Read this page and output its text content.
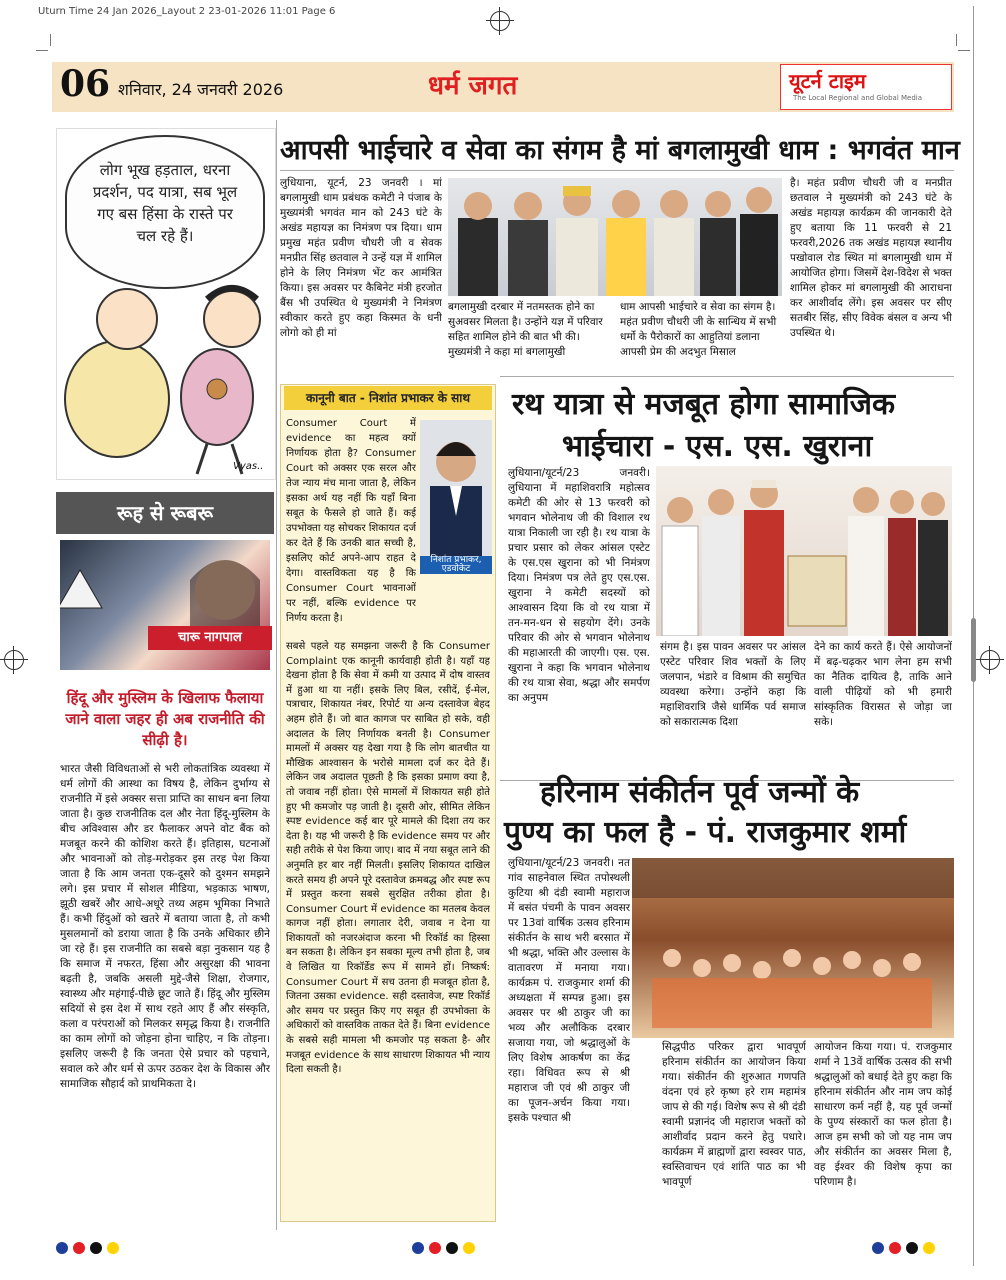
Uturn Time 24 Jan 2026_Layout 2 23-01-2026 11:01 Page 6
06 शनिवार, 24 जनवरी 2026	धर्म जगत	यूटर्न टाइम
The Local Regional and Global Media
लोग भूख हड़ताल, धरना प्रदर्शन, पद यात्रा, सब भूल गए बस हिंसा के रास्ते पर चल रहे हैं।
Vyas..
रूह से रूबरू
चारू नागपाल
हिंदू और मुस्लिम के खिलाफ फैलाया जाने वाला जहर ही अब राजनीति की सीढ़ी है।
भारत जैसी विविधताओं से भरी लोकतांत्रिक व्यवस्था में धर्म लोगों की आस्था का विषय है, लेकिन दुर्भाग्य से राजनीति में इसे अक्सर सत्ता प्राप्ति का साधन बना लिया जाता है। कुछ राजनीतिक दल और नेता हिंदू-मुस्लिम के बीच अविश्वास और डर फैलाकर अपने वोट बैंक को मजबूत करने की कोशिश करते हैं। इतिहास, घटनाओं और भावनाओं को तोड़-मरोड़कर इस तरह पेश किया जाता है कि आम जनता एक-दूसरे को दुश्मन समझने लगे। इस प्रचार में सोशल मीडिया, भड़काऊ भाषण, झूठी खबरें और आधे-अधूरे तथ्य अहम भूमिका निभाते हैं। कभी हिंदुओं को खतरे में बताया जाता है, तो कभी मुसलमानों को डराया जाता है कि उनके अधिकार छीने जा रहे हैं। इस राजनीति का सबसे बड़ा नुकसान यह है कि समाज में नफरत, हिंसा और असुरक्षा की भावना बढ़ती है, जबकि असली मुद्दे-जैसे शिक्षा, रोजगार, स्वास्थ्य और महंगाई-पीछे छूट जाते हैं। हिंदू और मुस्लिम सदियों से इस देश में साथ रहते आए हैं और संस्कृति, कला व परंपराओं को मिलकर समृद्ध किया है। राजनीति का काम लोगों को जोड़ना होना चाहिए, न कि तोड़ना। इसलिए जरूरी है कि जनता ऐसे प्रचार को पहचाने, सवाल करे और धर्म से ऊपर उठकर देश के विकास और सामाजिक सौहार्द को प्राथमिकता दे।
आपसी भाईचारे व सेवा का संगम है मां बगलामुखी धाम : भगवंत मान
लुधियाना, यूटर्न, 23 जनवरी । मां बगलामुखी धाम प्रबंधक कमेटी ने पंजाब के मुख्यमंत्री भगवंत मान को 243 घंटे के अखंड महायज्ञ का निमंत्रण पत्र दिया। धाम प्रमुख महंत प्रवीण चौधरी जी व सेवक मनप्रीत सिंह छतवाल ने उन्हें यज्ञ में शामिल होने के लिए निमंत्रण भेंट कर आमंत्रित किया। इस अवसर पर कैबिनेट मंत्री हरजोत बैंस भी उपस्थित थे मुख्यमंत्री ने निमंत्रण स्वीकार करते हुए कहा किस्मत के धनी लोगो को ही मां
बगलामुखी दरबार में नतमस्तक होने का सुअवसर मिलता है। उन्होंने यज्ञ में परिवार सहित शामिल होने की बात भी की। मुख्यमंत्री ने कहा मां बगलामुखी
धाम आपसी भाईचारे व सेवा का संगम है। महंत प्रवीण चौधरी जी के सान्धिय में सभी धर्मो के पैरोकारों का आहुतियां डलाना आपसी प्रेम की अदभुत मिसाल
है। महंत प्रवीण चौधरी जी व मनप्रीत छतवाल ने मुख्यमंत्री को 243 घंटे के अखंड महायज्ञ कार्यक्रम की जानकारी देते हुए बताया कि 11 फरवरी से 21 फरवरी,2026 तक अखंड महायज्ञ स्थानीय पखोवाल रोड स्थित मां बगलामुखी धाम में आयोजित होगा। जिसमें देश-विदेश से भक्त शामिल होकर मां बगलामुखी की आराधना कर आशीर्वाद लेंगे। इस अवसर पर सीए सतबीर सिंह, सीए विवेक बंसल व अन्य भी उपस्थित थे।
कानूनी बात - निशांत प्रभाकर के साथ
निशांत प्रभाकर, एडवोकेट
Consumer Court में evidence का महत्व क्यों निर्णायक होता है? Consumer Court को अक्सर एक सरल और तेज न्याय मंच माना जाता है, लेकिन इसका अर्थ यह नहीं कि यहाँ बिना सबूत के फैसले हो जाते हैं। कई उपभोक्ता यह सोचकर शिकायत दर्ज कर देते हैं कि उनकी बात सच्ची है, इसलिए कोर्ट अपने-आप राहत दे देगा। वास्तविकता यह है कि Consumer Court भावनाओं पर नहीं, बल्कि evidence पर निर्णय करता है।
सबसे पहले यह समझना जरूरी है कि Consumer Complaint एक कानूनी कार्यवाही होती है। यहाँ यह देखना होता है कि सेवा में कमी या उत्पाद में दोष वास्तव में हुआ था या नहीं। इसके लिए बिल, रसीदें, ई-मेल, पत्राचार, शिकायत नंबर, रिपोर्ट या अन्य दस्तावेज बेहद अहम होते हैं। जो बात कागज पर साबित हो सके, वही अदालत के लिए निर्णायक बनती है। Consumer मामलों में अक्सर यह देखा गया है कि लोग बातचीत या मौखिक आश्वासन के भरोसे मामला दर्ज कर देते हैं। लेकिन जब अदालत पूछती है कि इसका प्रमाण क्या है, तो जवाब नहीं होता। ऐसे मामलों में शिकायत सही होते हुए भी कमजोर पड़ जाती है। दूसरी ओर, सीमित लेकिन स्पष्ट evidence कई बार पूरे मामले की दिशा तय कर देता है। यह भी जरूरी है कि evidence समय पर और सही तरीके से पेश किया जाए। बाद में नया सबूत लाने की अनुमति हर बार नहीं मिलती। इसलिए शिकायत दाखिल करते समय ही अपने पूरे दस्तावेज क्रमबद्ध और स्पष्ट रूप में प्रस्तुत करना सबसे सुरक्षित तरीका होता है। Consumer Court में evidence का मतलब केवल कागज नहीं होता। लगातार देरी, जवाब न देना या शिकायतों को नजरअंदाज करना भी रिकॉर्ड का हिस्सा बन सकता है। लेकिन इन सबका मूल्य तभी होता है, जब वे लिखित या रिकॉर्डेड रूप में सामने हों। निष्कर्ष: Consumer Court में सच उतना ही मजबूत होता है, जितना उसका evidence. सही दस्तावेज, स्पष्ट रिकॉर्ड और समय पर प्रस्तुत किए गए सबूत ही उपभोक्ता के अधिकारों को वास्तविक ताकत देते हैं। बिना evidence के सबसे सही मामला भी कमजोर पड़ सकता है- और मजबूत evidence के साथ साधारण शिकायत भी न्याय दिला सकती है।
रथ यात्रा से मजबूत होगा सामाजिक
भाईचारा - एस. एस. खुराना
लुधियाना/यूटर्न/23 जनवरी। लुधियाना में महाशिवरात्रि महोत्सव कमेटी की ओर से 13 फरवरी को भगवान भोलेनाथ जी की विशाल रथ यात्रा निकाली जा रही है। रथ यात्रा के प्रचार प्रसार को लेकर आंसल एस्टेट के एस.एस खुराना को भी निमंत्रण दिया। निमंत्रण पत्र लेते हुए एस.एस. खुराना ने कमेटी सदस्यों को आश्वासन दिया कि वो रथ यात्रा में तन-मन-धन से सहयोग देंगे। उनके परिवार की ओर से भगवान भोलेनाथ की महाआरती की जाएगी। एस. एस. खुराना ने कहा कि भगवान भोलेनाथ की रथ यात्रा सेवा, श्रद्धा और समर्पण का अनुपम
संगम है। इस पावन अवसर पर आंसल एस्टेट परिवार शिव भक्तों के लिए जलपान, भंडारे व विश्राम की समुचित व्यवस्था करेगा। उन्होंने कहा कि महाशिवरात्रि जैसे धार्मिक पर्व समाज को सकारात्मक दिशा
देने का कार्य करते हैं। ऐसे आयोजनों में बढ़-चढ़कर भाग लेना हम सभी का नैतिक दायित्व है, ताकि आने वाली पीढ़ियों को भी हमारी सांस्कृतिक विरासत से जोड़ा जा सके।
हरिनाम संकीर्तन पूर्व जन्मों के
पुण्य का फल है - पं. राजकुमार शर्मा
लुधियाना/यूटर्न/23 जनवरी। नत गांव साहनेवाल स्थित तपोस्थली कुटिया श्री दंडी स्वामी महाराज में बसंत पंचमी के पावन अवसर पर 13वां वार्षिक उत्सव हरिनाम संकीर्तन के साथ भरी बरसात में भी श्रद्धा, भक्ति और उल्लास के वातावरण में मनाया गया। कार्यक्रम पं. राजकुमार शर्मा की अध्यक्षता में सम्पन्न हुआ। इस अवसर पर श्री ठाकुर जी का भव्य और अलौकिक दरबार सजाया गया, जो श्रद्धालुओं के लिए विशेष आकर्षण का केंद्र रहा। विधिवत रूप से श्री महाराज जी एवं श्री ठाकुर जी का पूजन-अर्चन किया गया। इसके पश्चात श्री
सिद्धपीठ परिकर द्वारा भावपूर्ण हरिनाम संकीर्तन का आयोजन किया गया। संकीर्तन की शुरुआत गणपति वंदना एवं हरे कृष्ण हरे राम महामंत्र जाप से की गई। विशेष रूप से श्री दंडी स्वामी प्रज्ञानंद जी महाराज भक्तों को आशीर्वाद प्रदान करने हेतु पधारे। कार्यक्रम में ब्राह्मणों द्वारा स्वस्वर पाठ, स्वस्तिवाचन एवं शांति पाठ का भी भावपूर्ण
आयोजन किया गया। पं. राजकुमार शर्मा ने 13वें वार्षिक उत्सव की सभी श्रद्धालुओं को बधाई देते हुए कहा कि हरिनाम संकीर्तन और नाम जप कोई साधारण कर्म नहीं है, यह पूर्व जन्मों के पुण्य संस्कारों का फल होता है। आज हम सभी को जो यह नाम जप और संकीर्तन का अवसर मिला है, वह ईश्वर की विशेष कृपा का परिणाम है।
